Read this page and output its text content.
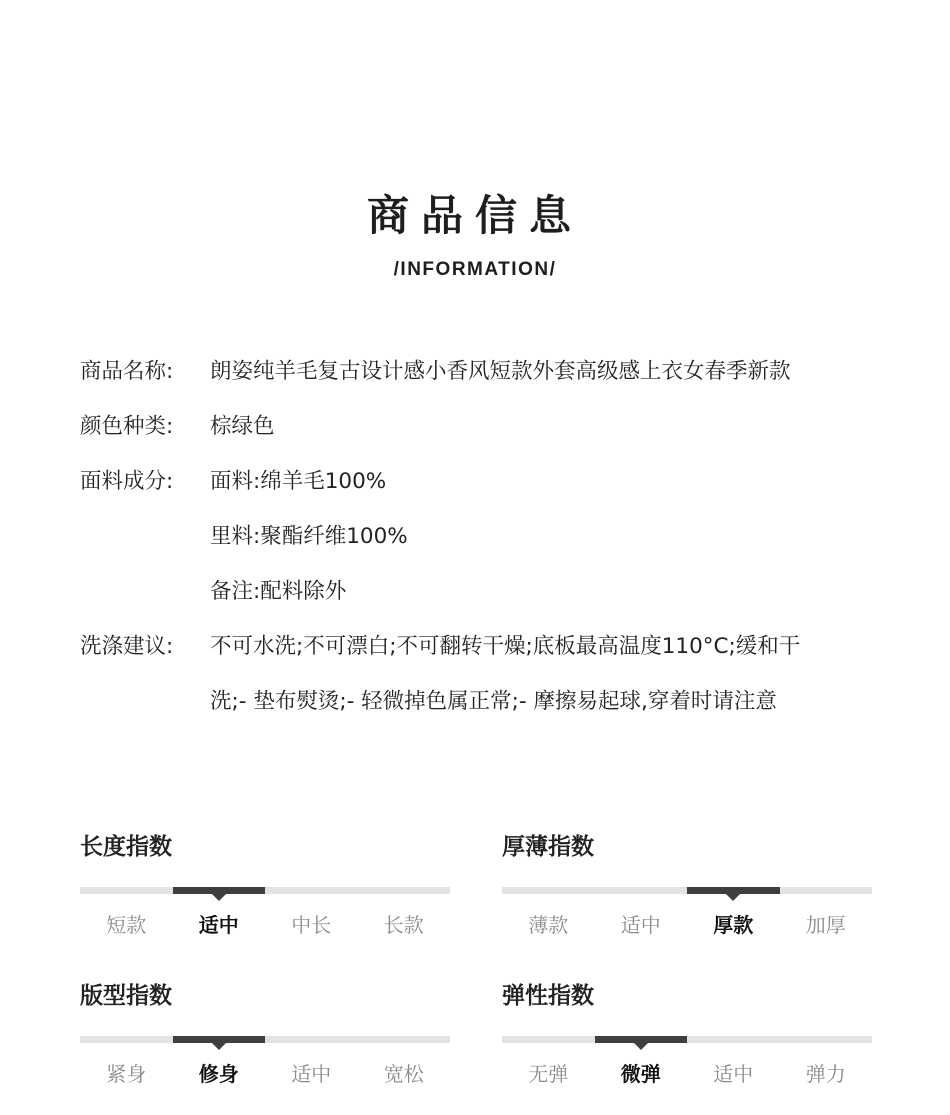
商品信息
/INFORMATION/
商品名称:	朗姿纯羊毛复古设计感小香风短款外套高级感上衣女春季新款
颜色种类:	棕绿色
面料成分:	面料:绵羊毛100%
里料:聚酯纤维100%
备注:配料除外
洗涤建议:	不可水洗;不可漂白;不可翻转干燥;底板最高温度110°C;缓和干
洗;- 垫布熨烫;- 轻微掉色属正常;- 摩擦易起球,穿着时请注意
长度指数
短款	适中	中长	长款
厚薄指数
薄款	适中	厚款	加厚
版型指数
紧身	修身	适中	宽松
弹性指数
无弹	微弹	适中	弹力
